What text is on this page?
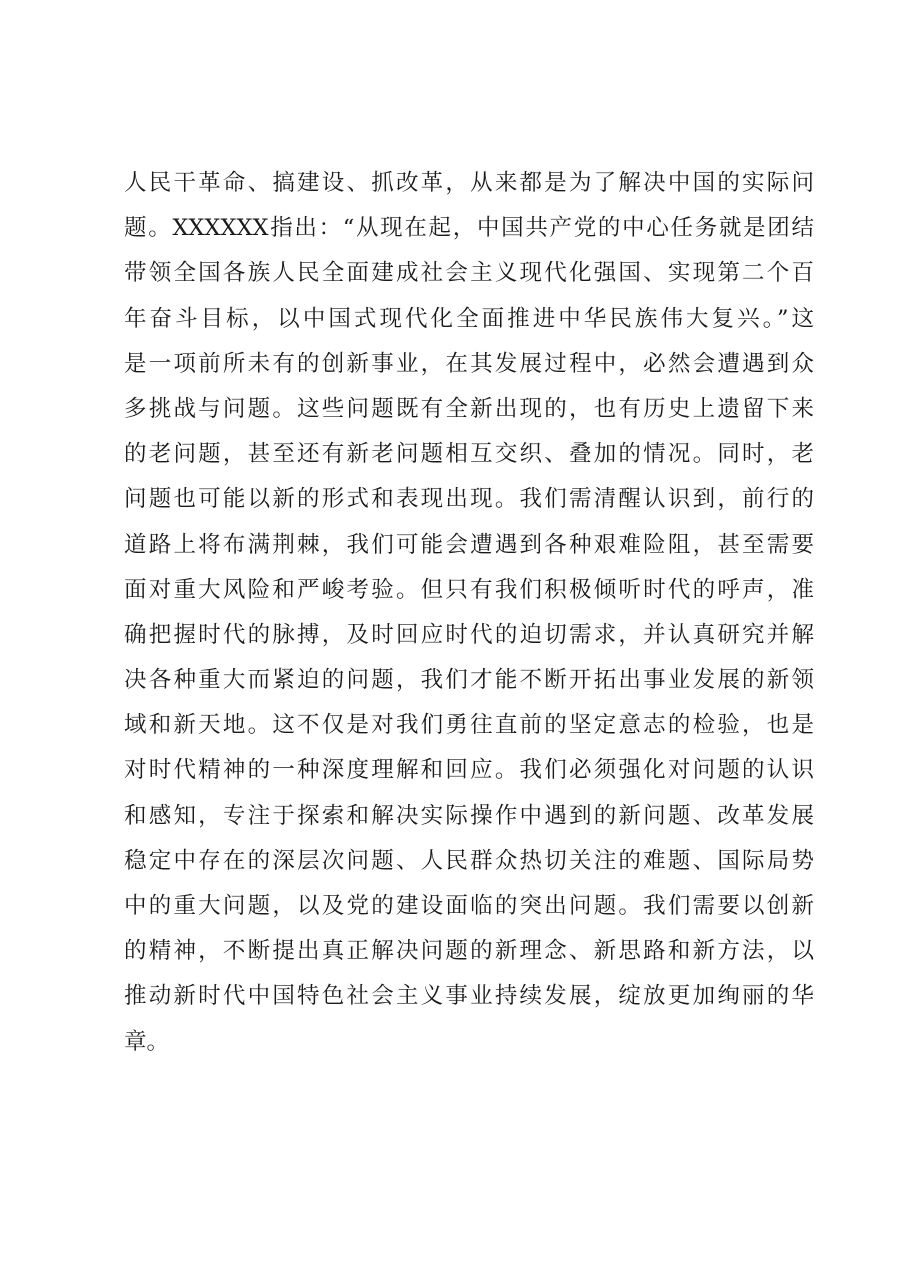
人民干革命、搞建设、抓改革，从来都是为了解决中国的实际问
题。XXXXXX指出：“从现在起，中国共产党的中心任务就是团结
带领全国各族人民全面建成社会主义现代化强国、实现第二个百
年奋斗目标，以中国式现代化全面推进中华民族伟大复兴。”这
是一项前所未有的创新事业，在其发展过程中，必然会遭遇到众
多挑战与问题。这些问题既有全新出现的，也有历史上遗留下来
的老问题，甚至还有新老问题相互交织、叠加的情况。同时，老
问题也可能以新的形式和表现出现。我们需清醒认识到，前行的
道路上将布满荆棘，我们可能会遭遇到各种艰难险阻，甚至需要
面对重大风险和严峻考验。但只有我们积极倾听时代的呼声，准
确把握时代的脉搏，及时回应时代的迫切需求，并认真研究并解
决各种重大而紧迫的问题，我们才能不断开拓出事业发展的新领
域和新天地。这不仅是对我们勇往直前的坚定意志的检验，也是
对时代精神的一种深度理解和回应。我们必须强化对问题的认识
和感知，专注于探索和解决实际操作中遇到的新问题、改革发展
稳定中存在的深层次问题、人民群众热切关注的难题、国际局势
中的重大问题，以及党的建设面临的突出问题。我们需要以创新
的精神，不断提出真正解决问题的新理念、新思路和新方法，以
推动新时代中国特色社会主义事业持续发展，绽放更加绚丽的华
章。
